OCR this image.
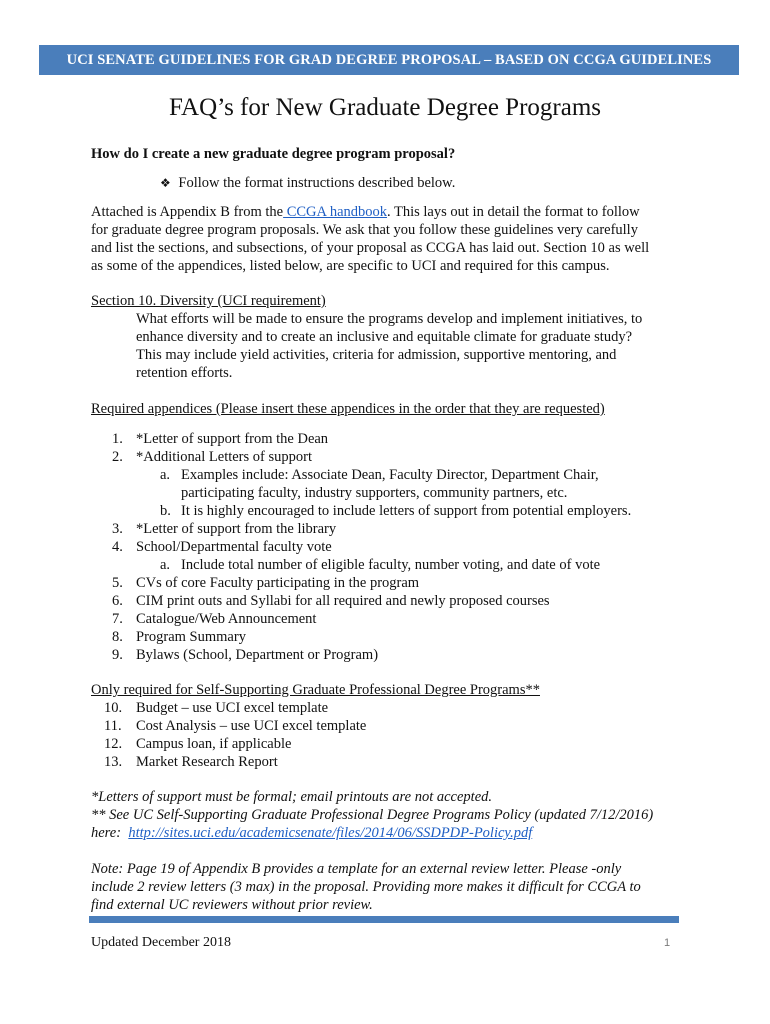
UCI SENATE GUIDELINES FOR GRAD DEGREE PROPOSAL – BASED ON CCGA GUIDELINES
FAQ’s for New Graduate Degree Programs
How do I create a new graduate degree program proposal?
❖ Follow the format instructions described below.
Attached is Appendix B from the CCGA handbook. This lays out in detail the format to follow
for graduate degree program proposals. We ask that you follow these guidelines very carefully
and list the sections, and subsections, of your proposal as CCGA has laid out. Section 10 as well
as some of the appendices, listed below, are specific to UCI and required for this campus.
Section 10. Diversity (UCI requirement)
What efforts will be made to ensure the programs develop and implement initiatives, to
enhance diversity and to create an inclusive and equitable climate for graduate study?
This may include yield activities, criteria for admission, supportive mentoring, and
retention efforts.
Required appendices (Please insert these appendices in the order that they are requested)
1. *Letter of support from the Dean
2. *Additional Letters of support
a. Examples include: Associate Dean, Faculty Director, Department Chair,
participating faculty, industry supporters, community partners, etc.
b. It is highly encouraged to include letters of support from potential employers.
3. *Letter of support from the library
4. School/Departmental faculty vote
a. Include total number of eligible faculty, number voting, and date of vote
5. CVs of core Faculty participating in the program
6. CIM print outs and Syllabi for all required and newly proposed courses
7. Catalogue/Web Announcement
8. Program Summary
9. Bylaws (School, Department or Program)
Only required for Self-Supporting Graduate Professional Degree Programs**
10. Budget – use UCI excel template
11. Cost Analysis – use UCI excel template
12. Campus loan, if applicable
13. Market Research Report
*Letters of support must be formal; email printouts are not accepted.
** See UC Self-Supporting Graduate Professional Degree Programs Policy (updated 7/12/2016)
here: http://sites.uci.edu/academicsenate/files/2014/06/SSDPDP-Policy.pdf
Note: Page 19 of Appendix B provides a template for an external review letter. Please -only
include 2 review letters (3 max) in the proposal. Providing more makes it difficult for CCGA to
find external UC reviewers without prior review.
Updated December 2018	1
